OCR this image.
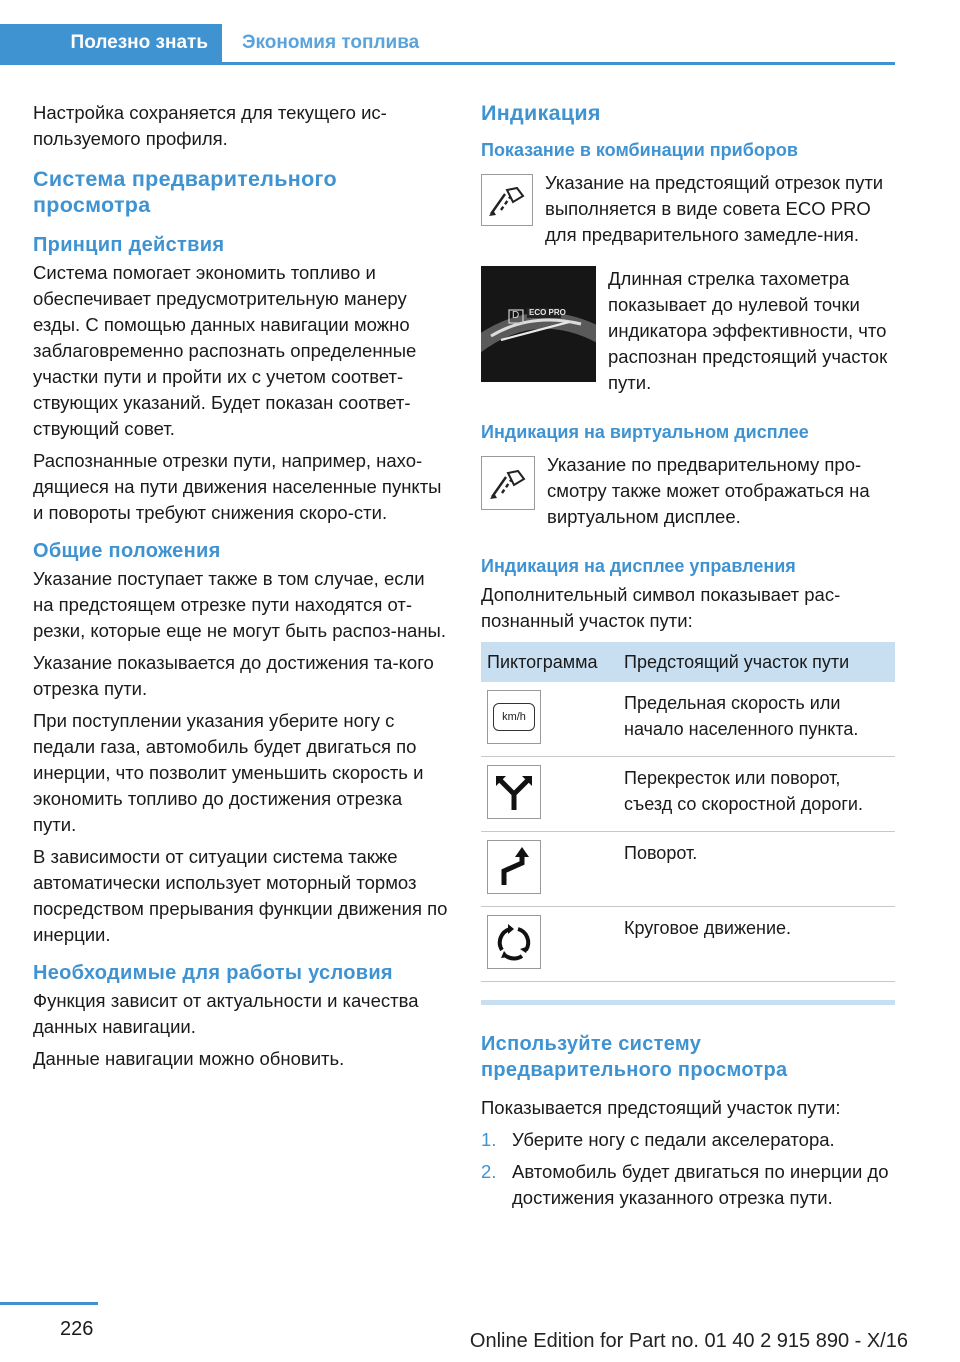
Полезно знать	Экономия топлива

Настройка сохраняется для текущего ис-пользуемого профиля.

Система предварительного просмотра
Принцип действия

Система помогает экономить топливо и обеспечивает предусмотрительную манеру езды. С помощью данных навигации можно заблаговременно распознать определенные участки пути и пройти их с учетом соответ-ствующих указаний. Будет показан соответ-ствующий совет.

Распознанные отрезки пути, например, нахо-дящиеся на пути движения населенные пункты и повороты требуют снижения скоро-сти.

Общие положения

Указание поступает также в том случае, если на предстоящем отрезке пути находятся от-резки, которые еще не могут быть распоз-наны.

Указание показывается до достижения та-кого отрезка пути.

При поступлении указания уберите ногу с педали газа, автомобиль будет двигаться по инерции, что позволит уменьшить скорость и экономить топливо до достижения отрезка пути.

В зависимости от ситуации система также автоматически использует моторный тормоз посредством прерывания функции движения по инерции.

Необходимые для работы условия

Функция зависит от актуальности и качества данных навигации.

Данные навигации можно обновить.

Индикация
Показание в комбинации приборов

Указание на предстоящий отрезок пути выполняется в виде совета ECO PRO для предварительного замедле-ния.

D ECO PRO

Длинная стрелка тахометра показывает до нулевой точки индикатора эффективности, что распознан предстоящий участок пути.

Индикация на виртуальном дисплее

Указание по предварительному про-смотру также может отображаться на виртуальном дисплее.

Индикация на дисплее управления

Дополнительный символ показывает рас-познанный участок пути:

Пиктограмма	Предстоящий участок пути

km/h	Предельная скорость или начало населенного пункта.

	Перекресток или поворот, съезд со скоростной дороги.

	Поворот.

	Круговое движение.
Используйте систему предварительного просмотра

Показывается предстоящий участок пути:

1. Уберите ногу с педали акселератора.
2. Автомобиль будет двигаться по инерции до достижения указанного отрезка пути.
226
Online Edition for Part no. 01 40 2 915 890 - X/16
